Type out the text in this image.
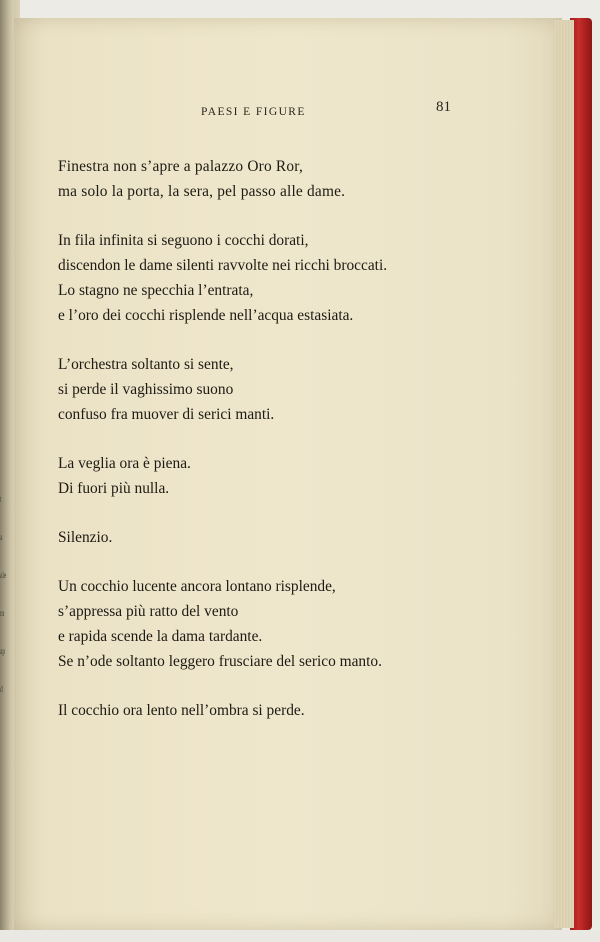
t
a
ale
m
ap
d
PAESI E FIGURE	81
Finestra non s’apre a palazzo Oro Ror,
ma solo la porta, la sera, pel passo alle dame.
In fila infinita si seguono i cocchi dorati,
discendon le dame silenti ravvolte nei ricchi broccati.
Lo stagno ne specchia l’entrata,
e l’oro dei cocchi risplende nell’acqua estasiata.
L’orchestra soltanto si sente,
si perde il vaghissimo suono
confuso fra muover di serici manti.
La veglia ora è piena.
Di fuori più nulla.
Silenzio.
Un cocchio lucente ancora lontano risplende,
s’appressa più ratto del vento
e rapida scende la dama tardante.
Se n’ode soltanto leggero frusciare del serico manto.
Il cocchio ora lento nell’ombra si perde.
